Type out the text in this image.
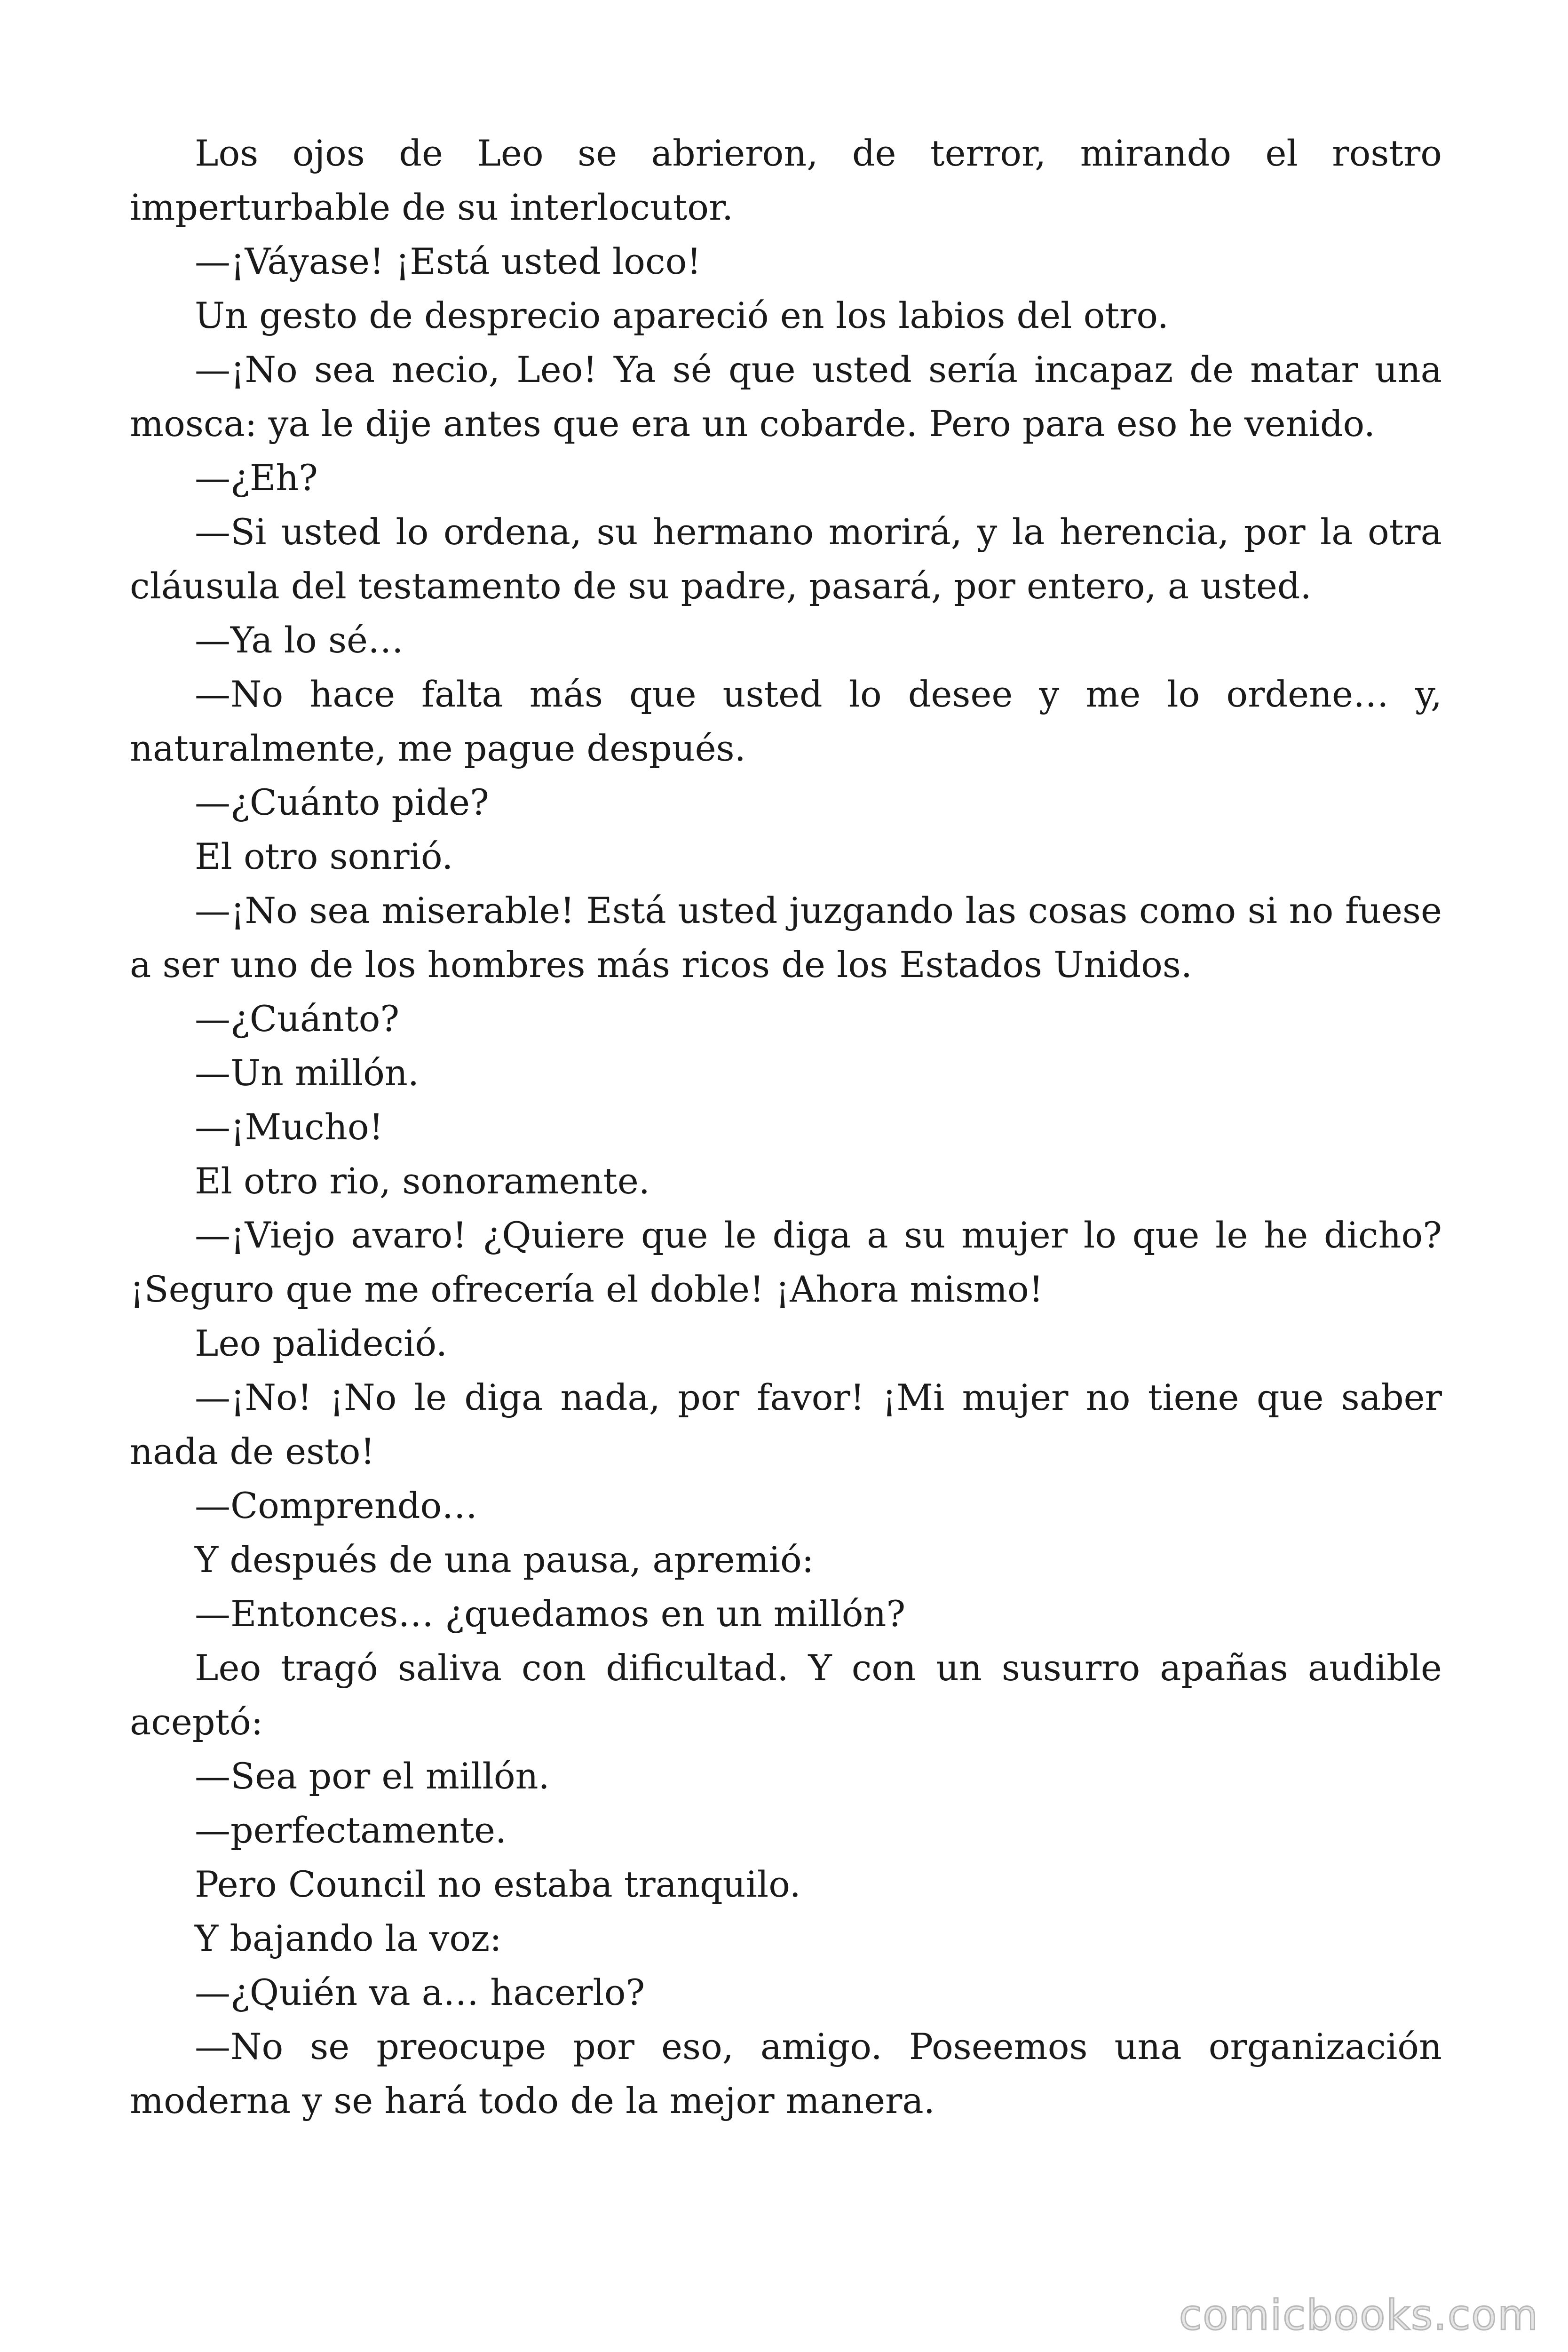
Los ojos de Leo se abrieron, de terror, mirando el rostro imperturbable de su interlocutor.

—¡Váyase! ¡Está usted loco!

Un gesto de desprecio apareció en los labios del otro.

—¡No sea necio, Leo! Ya sé que usted sería incapaz de matar una mosca: ya le dije antes que era un cobarde. Pero para eso he venido.

—¿Eh?

—Si usted lo ordena, su hermano morirá, y la herencia, por la otra cláusula del testamento de su padre, pasará, por entero, a usted.

—Ya lo sé…

—No hace falta más que usted lo desee y me lo ordene… y, naturalmente, me pague después.

—¿Cuánto pide?

El otro sonrió.

—¡No sea miserable! Está usted juzgando las cosas como si no fuese a ser uno de los hombres más ricos de los Estados Unidos.

—¿Cuánto?

—Un millón.

—¡Mucho!

El otro rio, sonoramente.

—¡Viejo avaro! ¿Quiere que le diga a su mujer lo que le he dicho? ¡Seguro que me ofrecería el doble! ¡Ahora mismo!

Leo palideció.

—¡No! ¡No le diga nada, por favor! ¡Mi mujer no tiene que saber nada de esto!

—Comprendo…

Y después de una pausa, apremió:

—Entonces… ¿quedamos en un millón?

Leo tragó saliva con dificultad. Y con un susurro apañas audible aceptó:

—Sea por el millón.

—perfectamente.

Pero Council no estaba tranquilo.

Y bajando la voz:

—¿Quién va a… hacerlo?

—No se preocupe por eso, amigo. Poseemos una organización moderna y se hará todo de la mejor manera.

comicbooks.com
